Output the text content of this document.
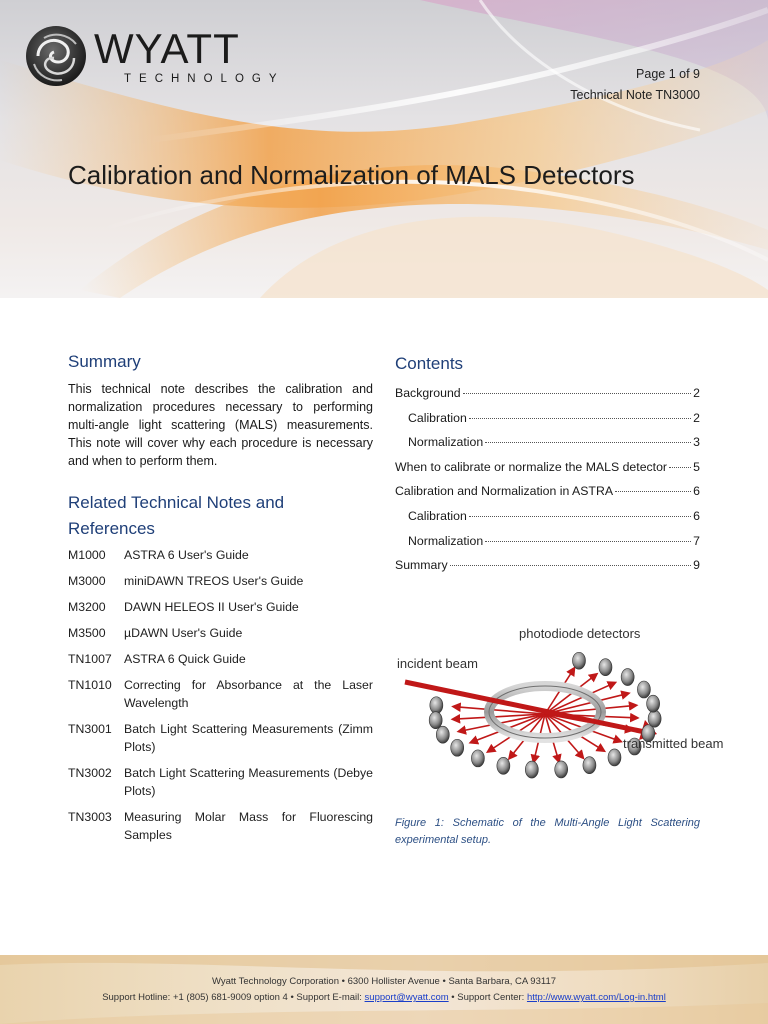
WYATT
TECHNOLOGY	Page 1 of 9
Technical Note TN3000
Calibration and Normalization of MALS Detectors
Summary

This technical note describes the calibration and normalization procedures necessary to performing multi-angle light scattering (MALS) measurements. This note will cover why each procedure is necessary and when to perform them.

Related Technical Notes and
References
M1000	ASTRA 6 User's Guide
M3000	miniDAWN TREOS User's Guide
M3200	DAWN HELEOS II User's Guide
M3500	µDAWN User's Guide
TN1007 ASTRA 6 Quick Guide
TN1010 Correcting for Absorbance at the Laser Wavelength
TN3001 Batch Light Scattering Measurements (Zimm Plots)
TN3002 Batch Light Scattering Measurements (Debye Plots)
TN3003 Measuring Molar Mass for Fluorescing Samples
Contents
Background	2
Calibration	2
Normalization	3
When to calibrate or normalize the MALS detector 5
Calibration and Normalization in ASTRA	6
Calibration	6
Normalization	7
Summary	9
photodiode detectors
incident beam
transmitted beam
Figure 1: Schematic of the Multi-Angle Light Scattering experimental setup.
Wyatt Technology Corporation • 6300 Hollister Avenue • Santa Barbara, CA 93117
Support Hotline: +1 (805) 681-9009 option 4 • Support E-mail: support@wyatt.com • Support Center: http://www.wyatt.com/Log-in.html
